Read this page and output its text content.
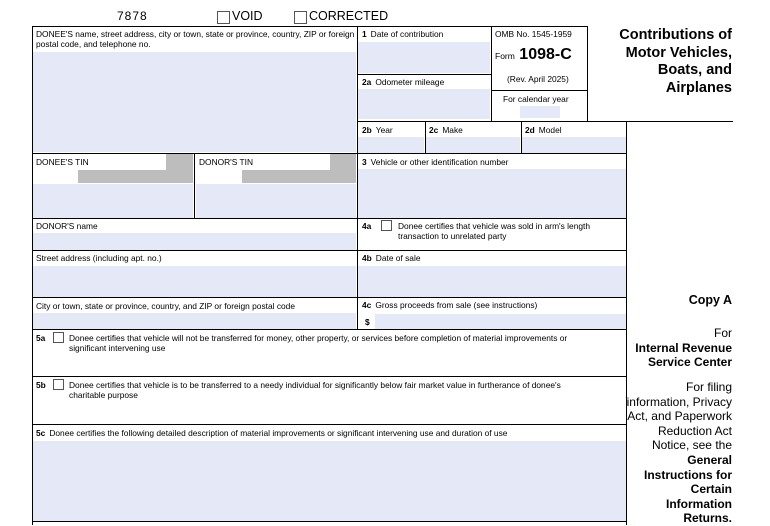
7878	VOID	CORRECTED
DONEE'S name, street address, city or town, state or province, country, ZIP or foreign postal code, and telephone no.
1 Date of contribution	OMB No. 1545-1959
Form 1098-C
(Rev. April 2025)
For calendar year
2a Odometer mileage
2b Year	2c Make	2d Model
DONEE'S TIN	DONOR'S TIN	3 Vehicle or other identification number
DONOR'S name	4a	Donee certifies that vehicle was sold in arm's length transaction to unrelated party
Street address (including apt. no.)	4b Date of sale
City or town, state or province, country, and ZIP or foreign postal code	4c Gross proceeds from sale (see instructions)
$
5a	Donee certifies that vehicle will not be transferred for money, other property, or services before completion of material improvements or significant intervening use
5b	Donee certifies that vehicle is to be transferred to a needy individual for significantly below fair market value in furtherance of donee's charitable purpose
5c Donee certifies the following detailed description of material improvements or significant intervening use and duration of use
Contributions of
Motor Vehicles,
Boats, and
Airplanes
Copy A
For
Internal Revenue
Service Center
For filing
information, Privacy
Act, and Paperwork
Reduction Act
Notice, see the
General
Instructions for
Certain
Information
Returns.
